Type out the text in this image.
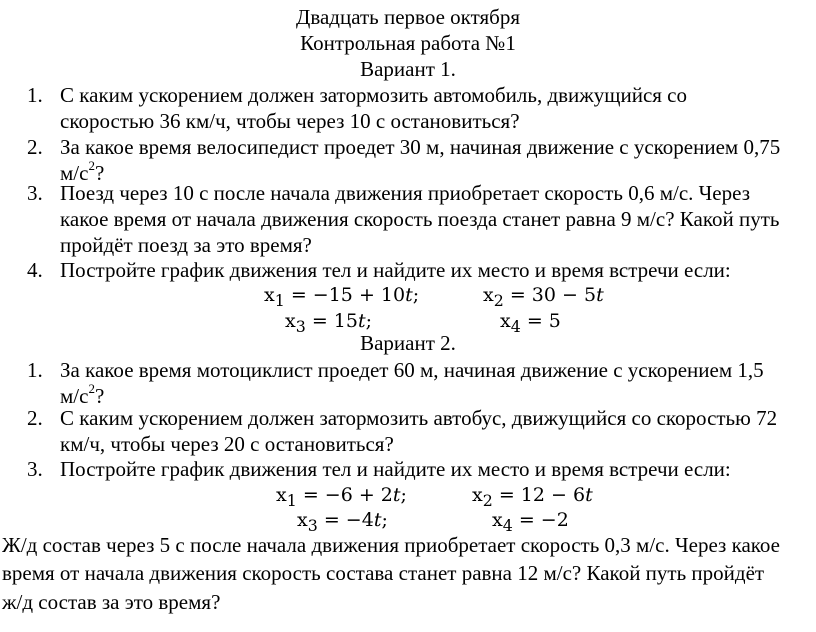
Двадцать первое октября
Контрольная работа №1
Вариант 1.
1. С каким ускорением должен затормозить автомобиль, движущийся со
скоростью 36 км/ч, чтобы через 10 с остановиться?
2. За какое время велосипедист проедет 30 м, начиная движение с ускорением 0,75
$м/с^2$?
3. Поезд через 10 с после начала движения приобретает скорость 0,6 м/с. Через
какое время от начала движения скорость поезда станет равна 9 м/с? Какой путь
пройдёт поезд за это время?
4. Постройте график движения тел и найдите их место и время встречи если:
$x_1 = -15 + 10t$;	$x_2 = 30 - 5t$
$x_3 = 15t$;	$x_4 = 5$
Вариант 2.
1. За какое время мотоциклист проедет 60 м, начиная движение с ускорением 1,5
$м/с^2$?
2. С каким ускорением должен затормозить автобус, движущийся со скоростью 72
км/ч, чтобы через 20 с остановиться?
3. Постройте график движения тел и найдите их место и время встречи если:
$x_1 = -6 + 2t$;	$x_2 = 12 - 6t$
$x_3 = -4t$;	$x_4 = -2$
Ж/д состав через 5 с после начала движения приобретает скорость 0,3 м/с. Через какое
время от начала движения скорость состава станет равна 12 м/с? Какой путь пройдёт
ж/д состав за это время?
